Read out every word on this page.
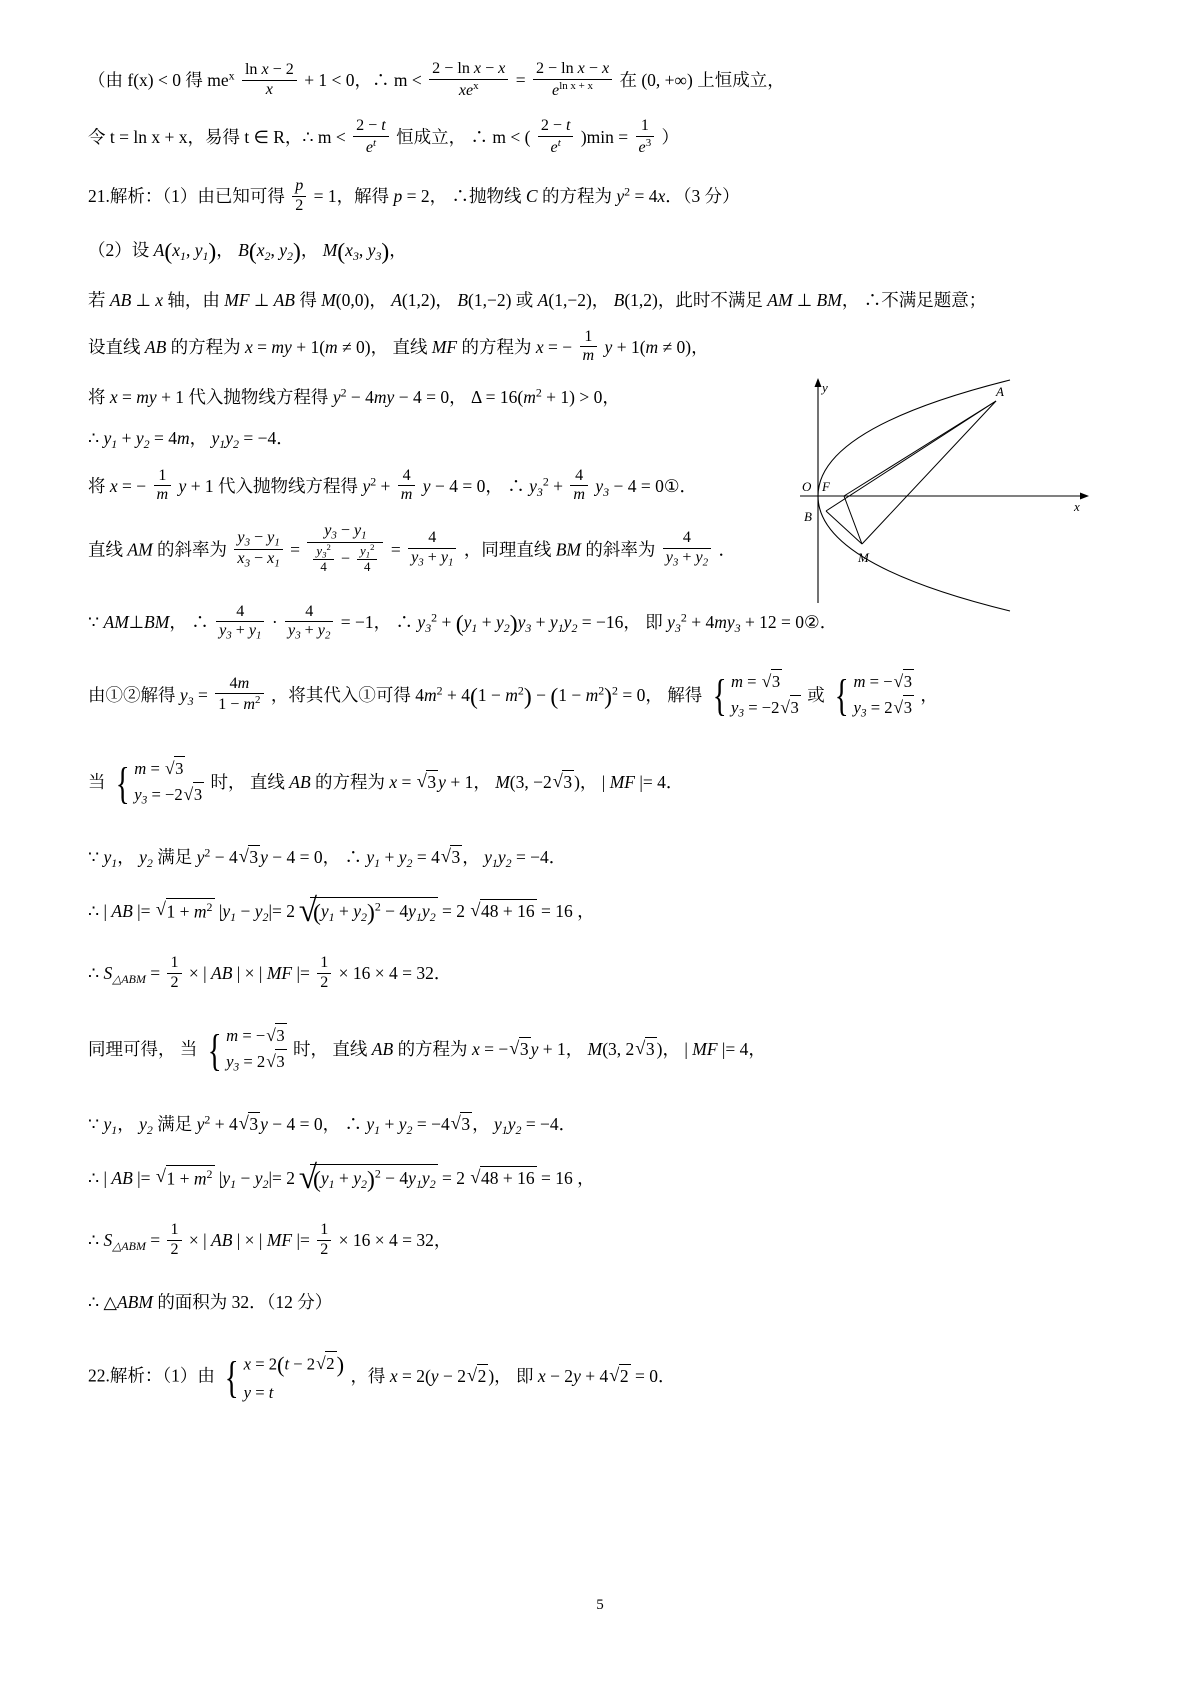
（由 f(x) < 0 得 $me^x \frac{\text{ln x − 2}}{x} + 1 < 0$，∴ $m < \frac{\text{2 − ln x − x}}{xe^x} = \frac{\text{2 − ln x − x}}{e^{ln x + x}}$ 在 (0, +∞) 上恒成立，
令 t = ln x + x，易得 t ∈ R，∴ $m < \frac{2 - t}{e^t}$ 恒成立， ∴ m < ( $\frac{2 - t}{e^t} )\min = \frac{1}{e^3}$ ）
21.解析：（1）由已知可得 $\frac{p}{2} = 1$，解得 p = 2， ∴抛物线 C 的方程为 $y^2 = 4x$．（3 分）
（2）设 $A(x_1$, $y_1$)， $B(x_2$, $y_2$)， $M(x_3$, $y_3$)，
若 AB ⊥ x 轴，由 MF ⊥ AB 得 M(0,0)， A(1,2)， B(1,−2) 或 A(1,−2)， B(1,2)，此时不满足 AM ⊥ BM， ∴不满足题意；
设直线 AB 的方程为 x = my + 1(m ≠ 0)， 直线 MF 的方程为 x = − $\frac{1}{m}$ y + 1(m ≠ 0)，
将 x = my + 1 代入抛物线方程得 $y^2 - 4my - 4 = 0$， $\Delta = 16(m^2 + 1) > 0$，
∴ $y_1 + y_2 = 4m$， $y_1y_2 = -4$．
将 x = − $\frac{1}{m}$ y + 1 代入抛物线方程得 $y^2 + \frac{4}{m}$ y − 4 = 0， ∴ $y_3^2 + \frac{4}{m} y_3 - 4$ = 0①．
直线 AM 的斜率为 $\frac{y_3 - y_1}{x_3 - x_1} = \frac{y_3 - y_1}{\frac{y_3^2}{4} - \frac{y_1^2}{4}} = \frac{4}{y_3 + y_1}$ ，同理直线 BM 的斜率为 $\frac{4}{y_3 + y_2}$ ．
∵ AM⊥BM， ∴ $\frac{4}{y_3 + y_1} \cdot \frac{4}{y_3 + y_2} = -1$， ∴ $y_3^2 + (y_1 + y_2)y_3 + y_1y_2 = -16$， 即 $y_3^2 + 4my_3 + 12$ = 0②．
由①②解得 $y_3 = \frac{4m}{1 - m^2}$ ，将其代入①可得 $4m^2 + 4(1 - m^2) - (1 - m^2)^2 = 0$， 解得 { m = √ 3
$y_3 = -2$ √ 3
或 { m = − √ 3
$y_3 = 2$ √ 3
，
当 { m = √ 3
$y_3 = -2$ √ 3
时， 直线 AB 的方程为 x = √ 3 y + 1， M(3, −2 √ 3 )， | MF |= 4．
∵ $y_1$， $y_2$ 满足 $y^2 - 4$ √ 3 y − 4 = 0， ∴ $y_1 + y_2 = 4$ √ 3 ， $y_1y_2 = -4$．
∴ | AB |= √ $1 + m^2$ $|y_1 - y_2|= 2$ √ $(y_1 + y_2)^2 - 4y_1y_2 = 2$ √ 48 + 16 = 16 ，
∴ $S_{\triangle ABM} = \frac{1}{2}$ × | AB | × | MF |= $\frac{1}{2} \times 16 \times 4 = 32$．
同理可得， 当 { m = − √ 3
$y_3 = 2$ √ 3
时， 直线 AB 的方程为 x = − √ 3 y + 1， M(3, 2 √ 3 )， | MF |= 4，
∵ $y_1$， $y_2$ 满足 $y^2 + 4$ √ 3 y − 4 = 0， ∴ $y_1 + y_2 = -4$ √ 3 ， $y_1y_2 = -4$．
∴ | AB |= √ $1 + m^2$ $|y_1 - y_2|= 2$ √ $(y_1 + y_2)^2 - 4y_1y_2 = 2$ √ 48 + 16 = 16 ，
∴ $S_{\triangle ABM} = \frac{1}{2}$ × | AB | × | MF |= $\frac{1}{2} \times 16 \times 4 = 32$，
∴ △ABM 的面积为 32．（12 分）
22.解析：（1）由 { x = 2(t − 2 √ 2)
y = t
，得 x = 2(y − 2 √ 2 )， 即 x − 2y + 4 √ 2 = 0．
y
x
O F
B
A
M
5
